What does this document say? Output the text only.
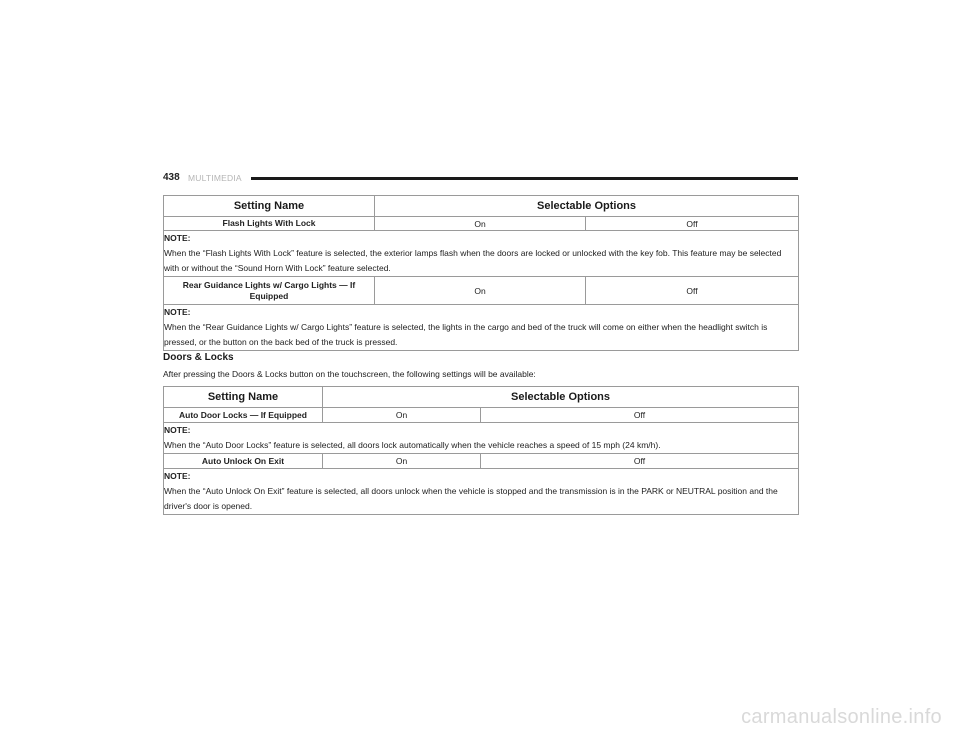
438 MULTIMEDIA
Setting Name	Selectable Options	
Flash Lights With Lock	On	Off

NOTE:
When the “Flash Lights With Lock” feature is selected, the exterior lamps flash when the doors are locked or unlocked with the key fob. This feature may be selected with or without the “Sound Horn With Lock” feature selected.		
Rear Guidance Lights w/ Cargo Lights — If Equipped	On	Off

NOTE:
When the “Rear Guidance Lights w/ Cargo Lights” feature is selected, the lights in the cargo and bed of the truck will come on either when the headlight switch is pressed, or the button on the back bed of the truck is pressed.		
Doors & Locks

After pressing the Doors & Locks button on the touchscreen, the following settings will be available:

Setting Name	Selectable Options	
Auto Door Locks — If Equipped	On	Off

NOTE:
When the “Auto Door Locks” feature is selected, all doors lock automatically when the vehicle reaches a speed of 15 mph (24 km/h).		
Auto Unlock On Exit	On	Off

NOTE:
When the “Auto Unlock On Exit” feature is selected, all doors unlock when the vehicle is stopped and the transmission is in the PARK or NEUTRAL position and the driver's door is opened.		
carmanualsonline.info
